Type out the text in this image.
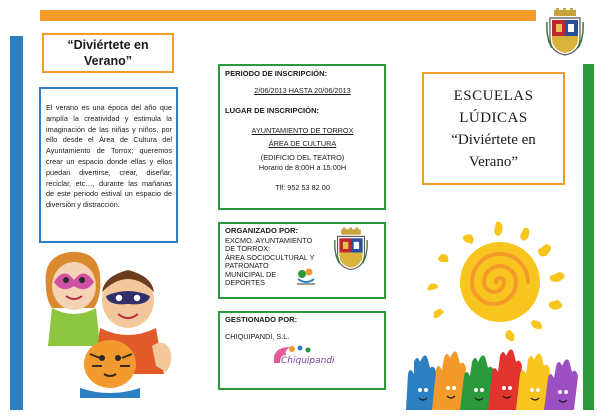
“Diviértete en Verano”

El verano es una época del año que amplía la creatividad y estimula la imaginación de las niñas y niños, por ello desde el Área de Cultura del Ayuntamiento de Torrox; queremos crear un espacio donde ellas y ellos puedan divertirse, crear, diseñar, reciclar, etc…, durante las mañanas de este periodo estival un espacio de diversión y distracción.

PERIODO DE INSCRIPCIÓN:
2/06/2013 HASTA 20/06/2013
LUGAR DE INSCRIPCIÓN:
AYUNTAMIENTO DE TORROX
ÁREA DE CULTURA
(EDIFICIO DEL TEATRO)
Horario de 8:00H a 15:00H
Tlf: 952 53 82 00
ORGANIZADO POR:
EXCMO. AYUNTAMIENTO
DE TORROX:
ÁREA SOCIOCULTURAL Y
PATRONATO
MUNICIPAL DE
DEPORTES
GESTIONADO POR:
CHIQUIPANDI, S.L.
Chiquipandi
ESCUELAS
LÚDICAS
“Diviértete en
Verano”
